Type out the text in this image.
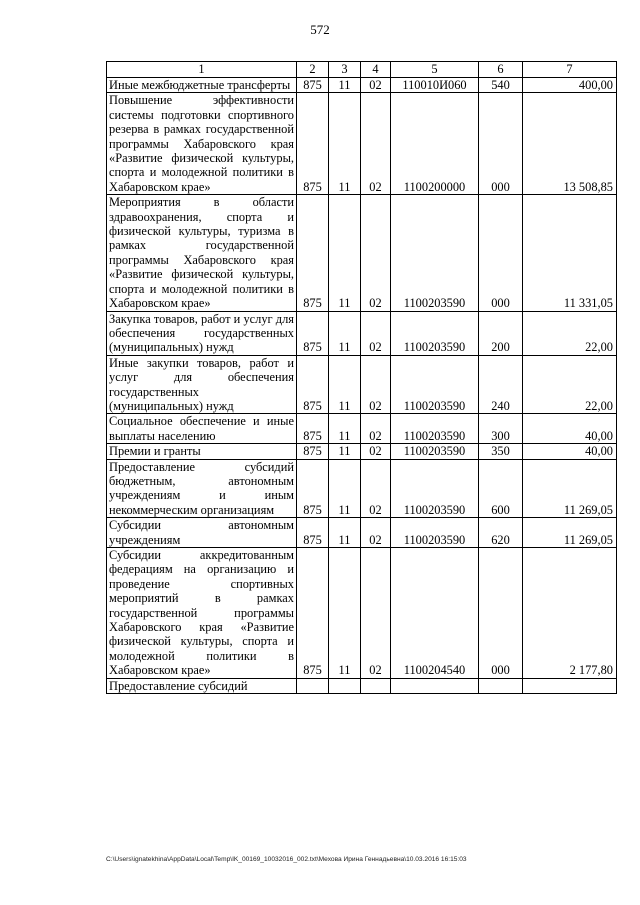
572
1	2	3	4	5	6	7
Иные межбюджетные трансферты	875	11	02	110010И060	540	400,00
Повышение эффективности системы подготовки спортивного резерва в рамках государственной программы Хабаровского края «Развитие физической культуры, спорта и молодежной политики в Хабаровском крае»	875	11	02	1100200000	000	13 508,85
Мероприятия в области здравоохранения, спорта и физической культуры, туризма в рамках государственной программы Хабаровского края «Развитие физической культуры, спорта и молодежной политики в Хабаровском крае»	875	11	02	1100203590	000	11 331,05
Закупка товаров, работ и услуг для обеспечения государственных (муниципальных) нужд	875	11	02	1100203590	200	22,00
Иные закупки товаров, работ и услуг для обеспечения государственных (муниципальных) нужд	875	11	02	1100203590	240	22,00
Социальное обеспечение и иные выплаты населению	875	11	02	1100203590	300	40,00
Премии и гранты	875	11	02	1100203590	350	40,00
Предоставление субсидий бюджетным, автономным учреждениям и иным некоммерческим организациям	875	11	02	1100203590	600	11 269,05
Субсидии автономным учреждениям	875	11	02	1100203590	620	11 269,05
Субсидии аккредитованным федерациям на организацию и проведение спортивных мероприятий в рамках государственной программы Хабаровского края «Развитие физической культуры, спорта и молодежной политики в Хабаровском крае»	875	11	02	1100204540	000	2 177,80
Предоставление субсидий						
C:\Users\ignatekhina\AppData\Local\Temp\IK_00169_10032016_002.txt\Мехова Ирина Геннадьевна\10.03.2016 16:15:03
